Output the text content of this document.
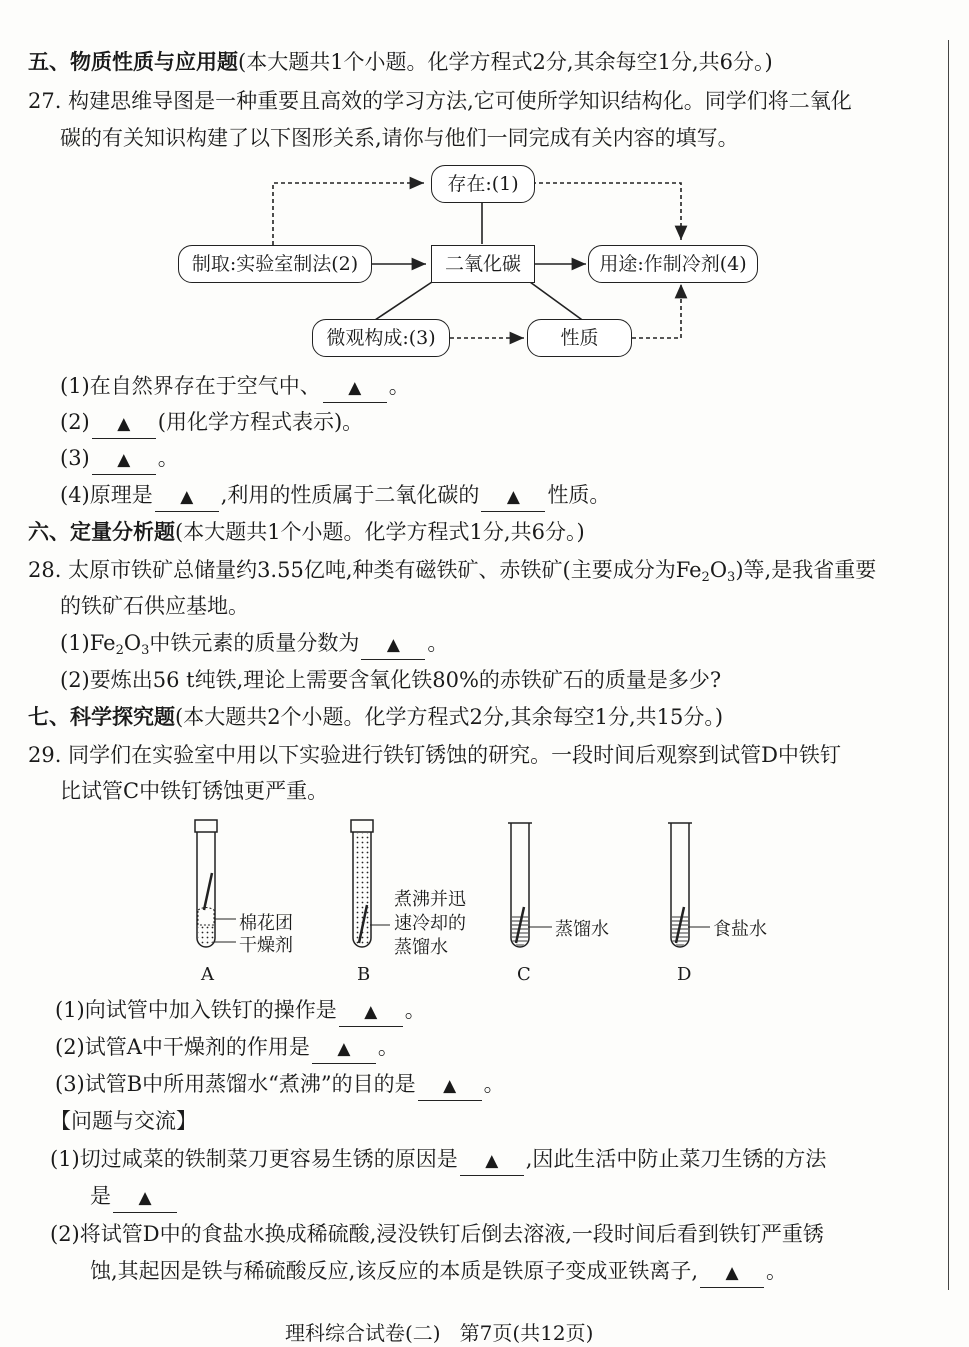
五、物质性质与应用题(本大题共1个小题。化学方程式2分,其余每空1分,共6分。)
27. 构建思维导图是一种重要且高效的学习方法,它可使所学知识结构化。同学们将二氧化
碳的有关知识构建了以下图形关系,请你与他们一同完成有关内容的填写。
存在:(1)
二氧化碳
制取:实验室制法(2)	用途:作制冷剂(4)
微观构成:(3)	性质
(1)在自然界存在于空气中、 ▲ 。
(2) ▲ (用化学方程式表示)。
(3) ▲ 。
(4)原理是 ▲ ,利用的性质属于二氧化碳的 ▲ 性质。
六、定量分析题(本大题共1个小题。化学方程式1分,共6分。)
28. 太原市铁矿总储量约3.55亿吨,种类有磁铁矿、赤铁矿(主要成分为Fe2O3)等,是我省重要
的铁矿石供应基地。
(1)Fe2O3中铁元素的质量分数为 ▲ 。
(2)要炼出56 t纯铁,理论上需要含氧化铁80%的赤铁矿石的质量是多少?
七、科学探究题(本大题共2个小题。化学方程式2分,其余每空1分,共15分。)
29. 同学们在实验室中用以下实验进行铁钉锈蚀的研究。一段时间后观察到试管D中铁钉
比试管C中铁钉锈蚀更严重。
棉花团
干燥剂
煮沸并迅
速冷却的
蒸馏水
蒸馏水	食盐水
A	B	C	D
(1)向试管中加入铁钉的操作是 ▲ 。
(2)试管A中干燥剂的作用是 ▲ 。
(3)试管B中所用蒸馏水“煮沸”的目的是 ▲ 。
【问题与交流】
(1)切过咸菜的铁制菜刀更容易生锈的原因是 ▲ ,因此生活中防止菜刀生锈的方法
是 ▲
(2)将试管D中的食盐水换成稀硫酸,浸没铁钉后倒去溶液,一段时间后看到铁钉严重锈
蚀,其起因是铁与稀硫酸反应,该反应的本质是铁原子变成亚铁离子, ▲ 。
理科综合试卷(二)   第7页(共12页)
